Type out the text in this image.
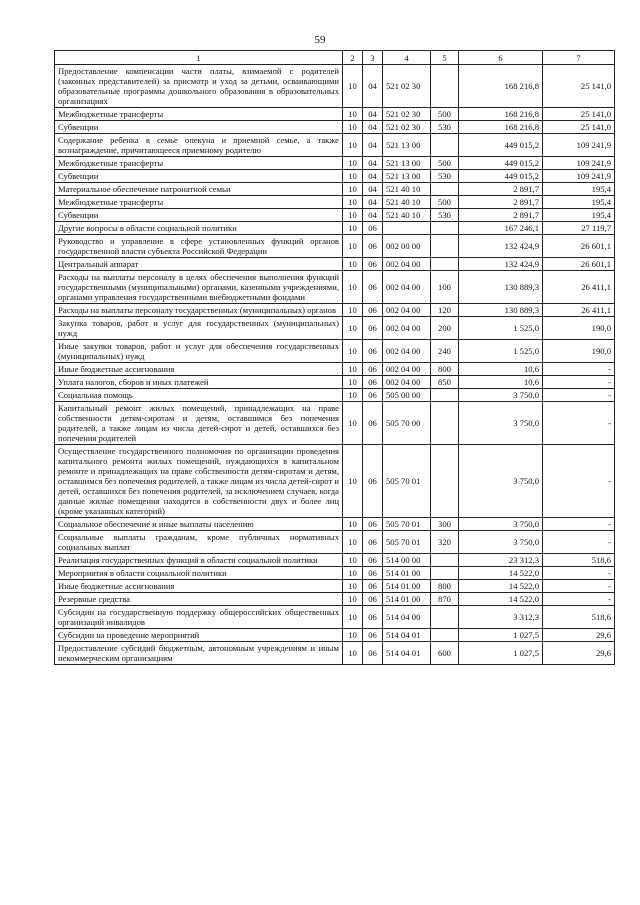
59
1	2	3	4	5	6	7
Предоставление компенсации части платы, взимаемой с родителей (законных представителей) за присмотр и уход за детьми, осваивающими образовательные программы дошкольного образования в образовательных организациях	10	04	521 02 30		168 216,8	25 141,0
Межбюджетные трансферты	10	04	521 02 30	500	168 216,8	25 141,0
Субвенции	10	04	521 02 30	530	168 216,8	25 141,0
Содержание ребенка в семье опекуна и приемной семье, а также вознаграждение, причитающееся приемному родителю	10	04	521 13 00		449 015,2	109 241,9
Межбюджетные трансферты	10	04	521 13 00	500	449 015,2	109 241,9
Субвенции	10	04	521 13 00	530	449 015,2	109 241,9
Материальное обеспечение патронатной семьи	10	04	521 40 10		2 891,7	195,4
Межбюджетные трансферты	10	04	521 40 10	500	2 891,7	195,4
Субвенции	10	04	521 40 10	530	2 891,7	195,4
Другие вопросы в области социальной политики	10	06			167 246,1	27 119,7
Руководство и управление в сфере установленных функций органов государственной власти субъекта Российской Федерации	10	06	002 00 00		132 424,9	26 601,1
Центральный аппарат	10	06	002 04 00		132 424,9	26 601,1
Расходы на выплаты персоналу в целях обеспечения выполнения функций государственными (муниципальными) органами, казенными учреждениями, органами управления государственными внебюджетными фондами	10	06	002 04 00	100	130 889,3	26 411,1
Расходы на выплаты персоналу государственных (муниципальных) органов	10	06	002 04 00	120	130 889,3	26 411,1
Закупка товаров, работ и услуг для государственных (муниципальных) нужд	10	06	002 04 00	200	1 525,0	190,0
Иные закупки товаров, работ и услуг для обеспечения государственных (муниципальных) нужд	10	06	002 04 00	240	1 525,0	190,0
Иные бюджетные ассигнования	10	06	002 04 00	800	10,6	-
Уплата налогов, сборов и иных платежей	10	06	002 04 00	850	10,6	-
Социальная помощь	10	06	505 00 00		3 750,0	-
Капитальный ремонт жилых помещений, принадлежащих на праве собственности детям-сиротам и детям, оставшимся без попечения родителей, а также лицам из числа детей-сирот и детей, оставшихся без попечения родителей	10	06	505 70 00		3 750,0	-
Осуществление государственного полномочия по организации проведения капитального ремонта жилых помещений, нуждающихся в капитальном ремонте и принадлежащих на праве собственности детям-сиротам и детям, оставшимся без попечения родителей, а также лицам из числа детей-сирот и детей, оставшихся без попечения родителей, за исключением случаев, когда данные жилые помещения находятся в собственности двух и более лиц (кроме указанных категорий)	10	06	505 70 01		3 750,0	-
Социальное обеспечение и иные выплаты населению	10	06	505 70 01	300	3 750,0	-
Социальные выплаты гражданам, кроме публичных нормативных социальных выплат	10	06	505 70 01	320	3 750,0	-
Реализация государственных функций в области социальной политики	10	06	514 00 00		23 312,3	518,6
Мероприятия в области социальной политики	10	06	514 01 00		14 522,0	-
Иные бюджетные ассигнования	10	06	514 01 00	800	14 522,0	-
Резервные средства	10	06	514 01 00	870	14 522,0	-
Субсидии на государственную поддержку общероссийских общественных организаций инвалидов	10	06	514 04 00		3 312,3	518,6
Субсидии на проведение мероприятий	10	06	514 04 01		1 027,5	29,6
Предоставление субсидий бюджетным, автономным учреждениям и иным некоммерческим организациям	10	06	514 04 01	600	1 027,5	29,6
